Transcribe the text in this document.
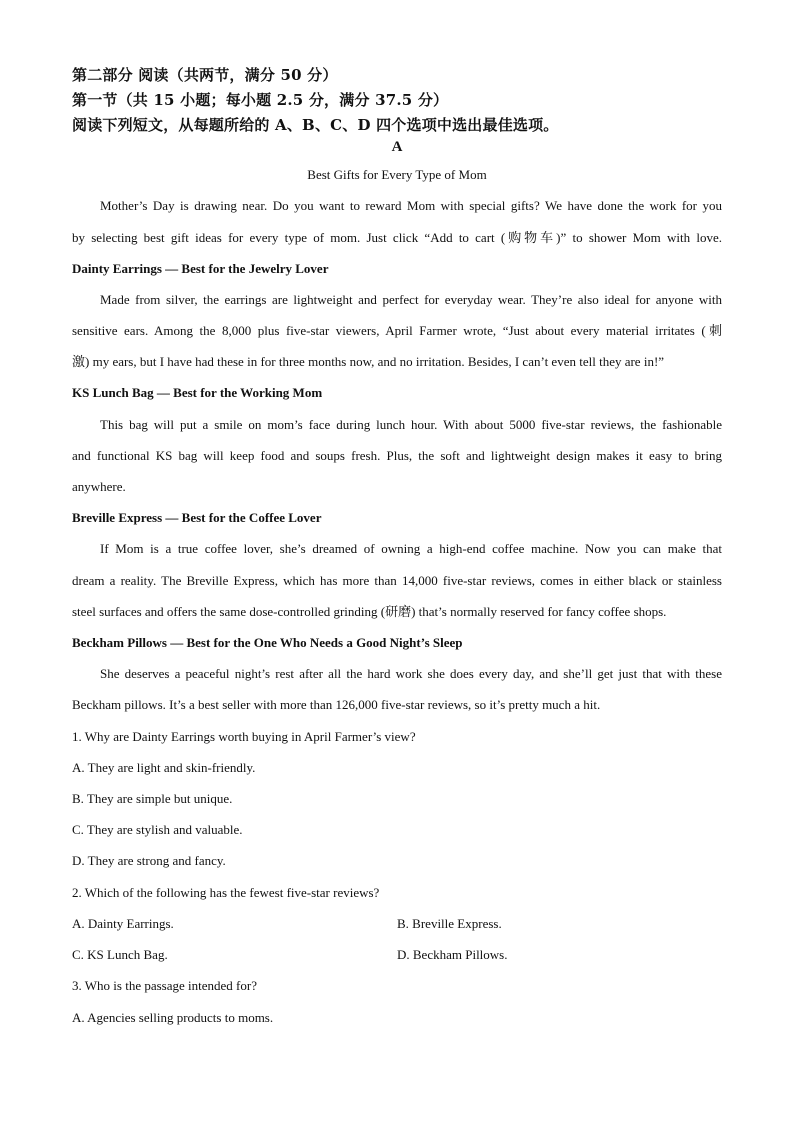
第二部分 阅读（共两节，满分 50 分）
第一节（共 15 小题；每小题 2.5 分，满分 37.5 分）
阅读下列短文，从每题所给的 A、B、C、D 四个选项中选出最佳选项。
A
Best Gifts for Every Type of Mom
Mother’s Day is drawing near. Do you want to reward Mom with special gifts? We have done the work for you
by selecting best gift ideas for every type of mom. Just click “Add to cart (购物车)” to shower Mom with love.
Dainty Earrings — Best for the Jewelry Lover
Made from silver, the earrings are lightweight and perfect for everyday wear. They’re also ideal for anyone with
sensitive ears. Among the 8,000 plus five-star viewers, April Farmer wrote, “Just about every material irritates (刺
激) my ears, but I have had these in for three months now, and no irritation. Besides, I can’t even tell they are in!”
KS Lunch Bag — Best for the Working Mom
This bag will put a smile on mom’s face during lunch hour. With about 5000 five-star reviews, the fashionable
and functional KS bag will keep food and soups fresh. Plus, the soft and lightweight design makes it easy to bring
anywhere.
Breville Express — Best for the Coffee Lover
If Mom is a true coffee lover, she’s dreamed of owning a high-end coffee machine. Now you can make that
dream a reality. The Breville Express, which has more than 14,000 five-star reviews, comes in either black or stainless
steel surfaces and offers the same dose-controlled grinding (研磨) that’s normally reserved for fancy coffee shops.
Beckham Pillows — Best for the One Who Needs a Good Night’s Sleep
She deserves a peaceful night’s rest after all the hard work she does every day, and she’ll get just that with these
Beckham pillows. It’s a best seller with more than 126,000 five-star reviews, so it’s pretty much a hit.
1. Why are Dainty Earrings worth buying in April Farmer’s view?
A. They are light and skin-friendly.
B. They are simple but unique.
C. They are stylish and valuable.
D. They are strong and fancy.
2. Which of the following has the fewest five-star reviews?
A. Dainty Earrings.	B. Breville Express.
C. KS Lunch Bag.	D. Beckham Pillows.
3. Who is the passage intended for?
A. Agencies selling products to moms.
